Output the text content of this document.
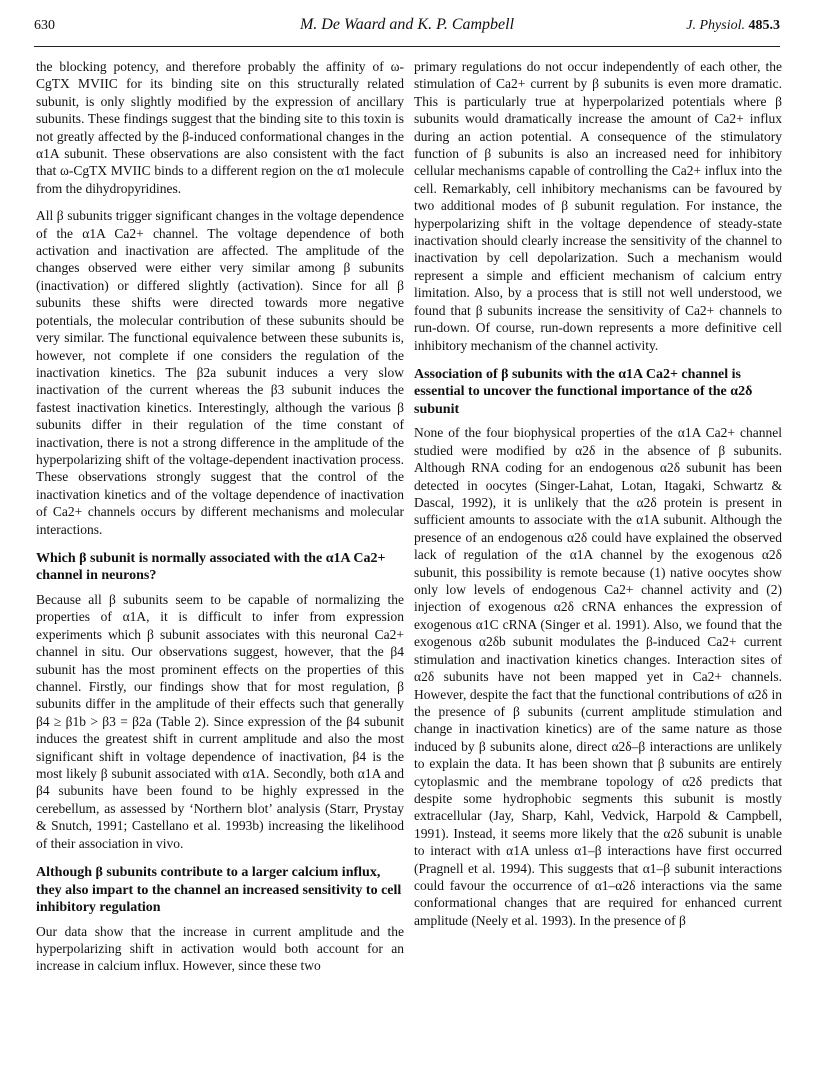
630	M. De Waard and K. P. Campbell	J. Physiol. 485.3

the blocking potency, and therefore probably the affinity of ω-CgTX MVIIC for its binding site on this structurally related subunit, is only slightly modified by the expression of ancillary subunits. These findings suggest that the binding site to this toxin is not greatly affected by the β-induced conformational changes in the α1A subunit. These observations are also consistent with the fact that ω-CgTX MVIIC binds to a different region on the α1 molecule from the dihydropyridines.

All β subunits trigger significant changes in the voltage dependence of the α1A Ca2+ channel. The voltage dependence of both activation and inactivation are affected. The amplitude of the changes observed were either very similar among β subunits (inactivation) or differed slightly (activation). Since for all β subunits these shifts were directed towards more negative potentials, the molecular contribution of these subunits should be very similar. The functional equivalence between these subunits is, however, not complete if one considers the regulation of the inactivation kinetics. The β2a subunit induces a very slow inactivation of the current whereas the β3 subunit induces the fastest inactivation kinetics. Interestingly, although the various β subunits differ in their regulation of the time constant of inactivation, there is not a strong difference in the amplitude of the hyperpolarizing shift of the voltage-dependent inactivation process. These observations strongly suggest that the control of the inactivation kinetics and of the voltage dependence of inactivation of Ca2+ channels occurs by different mechanisms and molecular interactions.

Which β subunit is normally associated with the α1A Ca2+ channel in neurons?

Because all β subunits seem to be capable of normalizing the properties of α1A, it is difficult to infer from expression experiments which β subunit associates with this neuronal Ca2+ channel in situ. Our observations suggest, however, that the β4 subunit has the most prominent effects on the properties of this channel. Firstly, our findings show that for most regulation, β subunits differ in the amplitude of their effects such that generally β4 ≥ β1b > β3 = β2a (Table 2). Since expression of the β4 subunit induces the greatest shift in current amplitude and also the most significant shift in voltage dependence of inactivation, β4 is the most likely β subunit associated with α1A. Secondly, both α1A and β4 subunits have been found to be highly expressed in the cerebellum, as assessed by ‘Northern blot’ analysis (Starr, Prystay & Snutch, 1991; Castellano et al. 1993b) increasing the likelihood of their association in vivo.

Although β subunits contribute to a larger calcium influx, they also impart to the channel an increased sensitivity to cell inhibitory regulation

Our data show that the increase in current amplitude and the hyperpolarizing shift in activation would both account for an increase in calcium influx. However, since these two

primary regulations do not occur independently of each other, the stimulation of Ca2+ current by β subunits is even more dramatic. This is particularly true at hyperpolarized potentials where β subunits would dramatically increase the amount of Ca2+ influx during an action potential. A consequence of the stimulatory function of β subunits is also an increased need for inhibitory cellular mechanisms capable of controlling the Ca2+ influx into the cell. Remarkably, cell inhibitory mechanisms can be favoured by two additional modes of β subunit regulation. For instance, the hyperpolarizing shift in the voltage dependence of steady-state inactivation should clearly increase the sensitivity of the channel to inactivation by cell depolarization. Such a mechanism would represent a simple and efficient mechanism of calcium entry limitation. Also, by a process that is still not well understood, we found that β subunits increase the sensitivity of Ca2+ channels to run-down. Of course, run-down represents a more definitive cell inhibitory mechanism of the channel activity.

Association of β subunits with the α1A Ca2+ channel is essential to uncover the functional importance of the α2δ subunit

None of the four biophysical properties of the α1A Ca2+ channel studied were modified by α2δ in the absence of β subunits. Although RNA coding for an endogenous α2δ subunit has been detected in oocytes (Singer-Lahat, Lotan, Itagaki, Schwartz & Dascal, 1992), it is unlikely that the α2δ protein is present in sufficient amounts to associate with the α1A subunit. Although the presence of an endogenous α2δ could have explained the observed lack of regulation of the α1A channel by the exogenous α2δ subunit, this possibility is remote because (1) native oocytes show only low levels of endogenous Ca2+ channel activity and (2) injection of exogenous α2δ cRNA enhances the expression of exogenous α1C cRNA (Singer et al. 1991). Also, we found that the exogenous α2δb subunit modulates the β-induced Ca2+ current stimulation and inactivation kinetics changes. Interaction sites of α2δ subunits have not been mapped yet in Ca2+ channels. However, despite the fact that the functional contributions of α2δ in the presence of β subunits (current amplitude stimulation and change in inactivation kinetics) are of the same nature as those induced by β subunits alone, direct α2δ–β interactions are unlikely to explain the data. It has been shown that β subunits are entirely cytoplasmic and the membrane topology of α2δ predicts that despite some hydrophobic segments this subunit is mostly extracellular (Jay, Sharp, Kahl, Vedvick, Harpold & Campbell, 1991). Instead, it seems more likely that the α2δ subunit is unable to interact with α1A unless α1–β interactions have first occurred (Pragnell et al. 1994). This suggests that α1–β subunit interactions could favour the occurrence of α1–α2δ interactions via the same conformational changes that are required for enhanced current amplitude (Neely et al. 1993). In the presence of β
